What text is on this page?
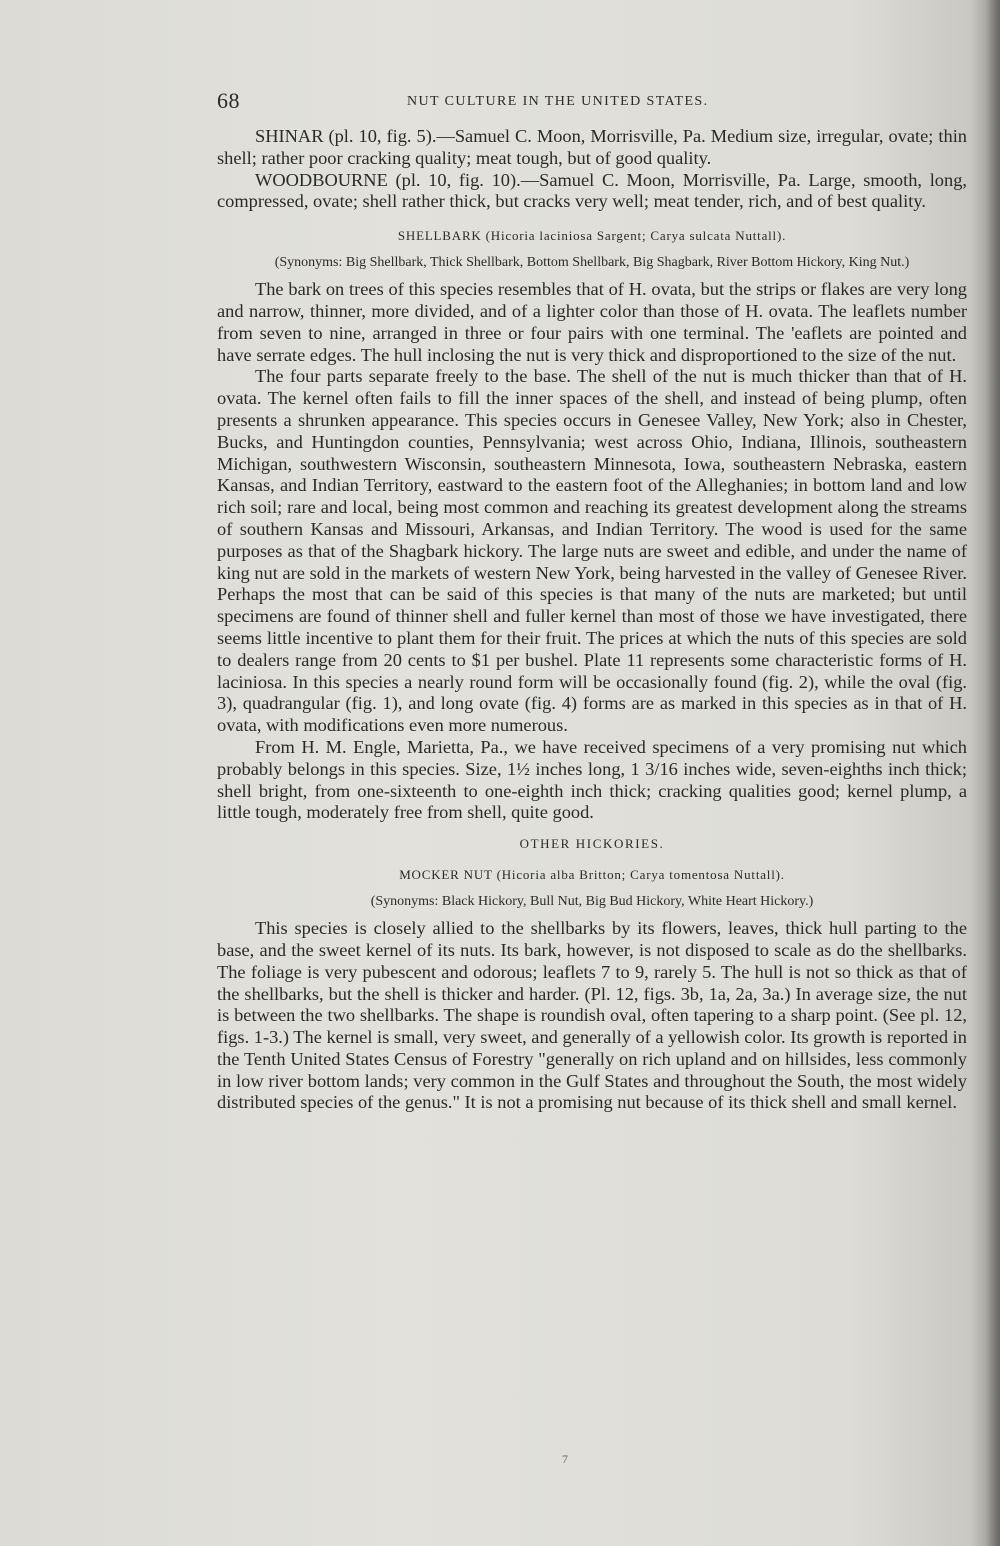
68	NUT CULTURE IN THE UNITED STATES.

SHINAR (pl. 10, fig. 5).—Samuel C. Moon, Morrisville, Pa. Medium size, irregular, ovate; thin shell; rather poor cracking quality; meat tough, but of good quality.

WOODBOURNE (pl. 10, fig. 10).—Samuel C. Moon, Morrisville, Pa. Large, smooth, long, compressed, ovate; shell rather thick, but cracks very well; meat tender, rich, and of best quality.

SHELLBARK (Hicoria laciniosa Sargent; Carya sulcata Nuttall).
(Synonyms: Big Shellbark, Thick Shellbark, Bottom Shellbark, Big Shagbark, River Bottom Hickory, King Nut.)

The bark on trees of this species resembles that of H. ovata, but the strips or flakes are very long and narrow, thinner, more divided, and of a lighter color than those of H. ovata. The leaflets number from seven to nine, arranged in three or four pairs with one terminal. The 'eaflets are pointed and have serrate edges. The hull inclosing the nut is very thick and disproportioned to the size of the nut.

The four parts separate freely to the base. The shell of the nut is much thicker than that of H. ovata. The kernel often fails to fill the inner spaces of the shell, and instead of being plump, often presents a shrunken appearance. This species occurs in Genesee Valley, New York; also in Chester, Bucks, and Huntingdon counties, Pennsylvania; west across Ohio, Indiana, Illinois, southeastern Michigan, southwestern Wisconsin, southeastern Minnesota, Iowa, southeastern Nebraska, eastern Kansas, and Indian Territory, eastward to the eastern foot of the Alleghanies; in bottom land and low rich soil; rare and local, being most common and reaching its greatest development along the streams of southern Kansas and Missouri, Arkansas, and Indian Territory. The wood is used for the same purposes as that of the Shagbark hickory. The large nuts are sweet and edible, and under the name of king nut are sold in the markets of western New York, being harvested in the valley of Genesee River. Perhaps the most that can be said of this species is that many of the nuts are marketed; but until specimens are found of thinner shell and fuller kernel than most of those we have investigated, there seems little incentive to plant them for their fruit. The prices at which the nuts of this species are sold to dealers range from 20 cents to $1 per bushel. Plate 11 represents some characteristic forms of H. laciniosa. In this species a nearly round form will be occasionally found (fig. 2), while the oval (fig. 3), quadrangular (fig. 1), and long ovate (fig. 4) forms are as marked in this species as in that of H. ovata, with modifications even more numerous.

From H. M. Engle, Marietta, Pa., we have received specimens of a very promising nut which probably belongs in this species. Size, 1½ inches long, 1 3/16 inches wide, seven-eighths inch thick; shell bright, from one-sixteenth to one-eighth inch thick; cracking qualities good; kernel plump, a little tough, moderately free from shell, quite good.

OTHER HICKORIES.
MOCKER NUT (Hicoria alba Britton; Carya tomentosa Nuttall).
(Synonyms: Black Hickory, Bull Nut, Big Bud Hickory, White Heart Hickory.)

This species is closely allied to the shellbarks by its flowers, leaves, thick hull parting to the base, and the sweet kernel of its nuts. Its bark, however, is not disposed to scale as do the shellbarks. The foliage is very pubescent and odorous; leaflets 7 to 9, rarely 5. The hull is not so thick as that of the shellbarks, but the shell is thicker and harder. (Pl. 12, figs. 3b, 1a, 2a, 3a.) In average size, the nut is between the two shellbarks. The shape is roundish oval, often tapering to a sharp point. (See pl. 12, figs. 1-3.) The kernel is small, very sweet, and generally of a yellowish color. Its growth is reported in the Tenth United States Census of Forestry "generally on rich upland and on hillsides, less commonly in low river bottom lands; very common in the Gulf States and throughout the South, the most widely distributed species of the genus." It is not a promising nut because of its thick shell and small kernel.

7
